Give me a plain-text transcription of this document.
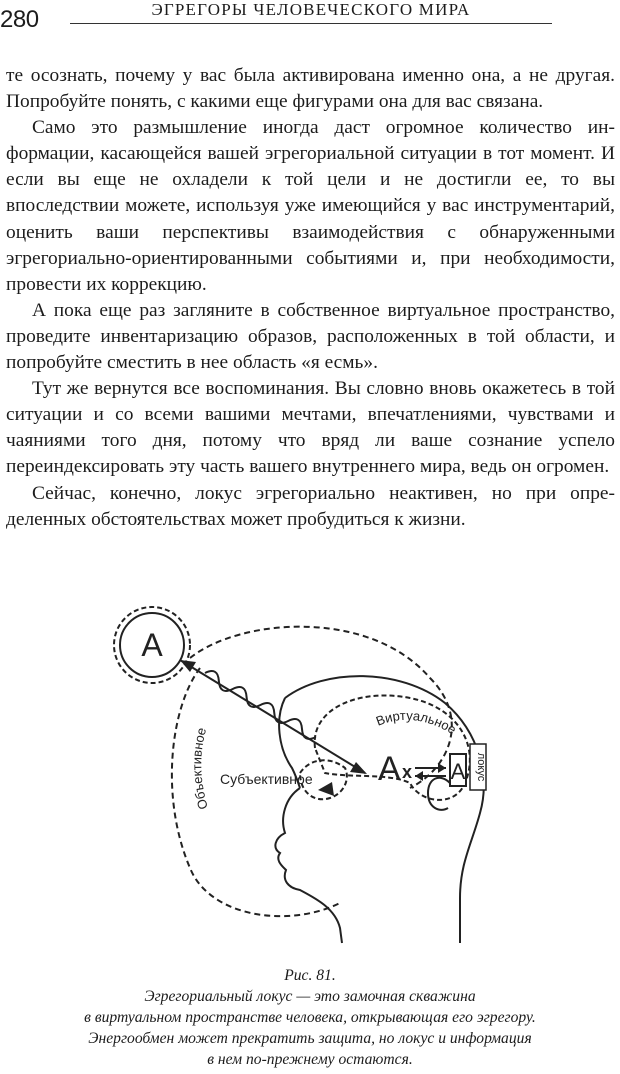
280	ЭГРЕГОРЫ ЧЕЛОВЕЧЕСКОГО МИРА

те осознать, почему у вас была активирована именно она, а не другая. Попробуйте понять, с какими еще фигурами она для вас связана.

Само это размышление иногда даст огромное количество информации, касающейся вашей эгрегориальной ситуации в тот момент. И если вы еще не охладели к той цели и не достигли ее, то вы впоследствии можете, используя уже имеющийся у вас инструментарий, оценить ваши перспективы взаимодействия с обнаруженными эгрегориально-ориентированными событиями и, при необходимости, провести их коррекцию.

А пока еще раз загляните в собственное виртуальное пространство, проведите инвентаризацию образов, расположенных в той области, и попробуйте сместить в нее область «я есмь».

Тут же вернутся все воспоминания. Вы словно вновь окажетесь в той ситуации и со всеми вашими мечтами, впечатлениями, чувствами и чаяниями того дня, потому что вряд ли ваше сознание успело переиндексировать эту часть вашего внутреннего мира, ведь он огромен.

Сейчас, конечно, локус эгрегориально неактивен, но при определенных обстоятельствах может пробудиться к жизни.

A
A x A локус
Объективное
Виртуальное
Субъективное
Рис. 81.
Эгрегориальный локус — это замочная скважина
в виртуальном пространстве человека, открывающая его эгрегору.
Энергообмен может прекратить защита, но локус и информация
в нем по-прежнему остаются.
